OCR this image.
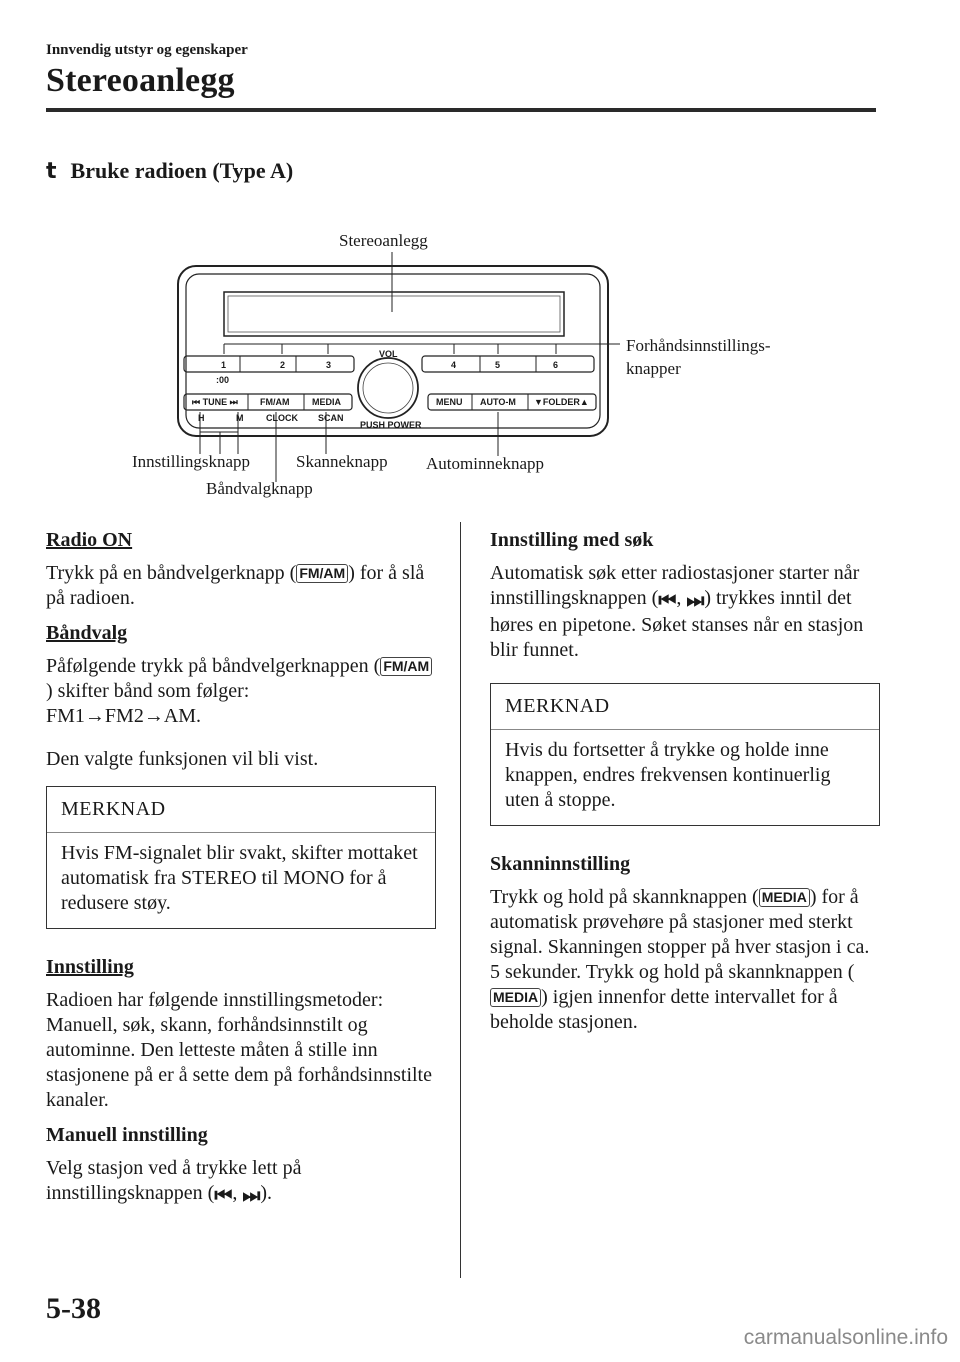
Innvendig utstyr og egenskaper
Stereoanlegg
t Bruke radioen (Type A)
1	2	3
:00
4	5	6
VOL
PUSH POWER
⏮ TUNE ⏭ FM/AM	MEDIA
H	M	CLOCK SCAN
MENU AUTO-M ▼FOLDER▲
Stereoanlegg
Forhåndsinnstillings-
knapper
Innstillingsknapp	Skanneknapp Autominneknapp
Båndvalgknapp
Radio ON

Trykk på en båndvelgerknapp ( FM/AM ) for å slå på radioen.

Båndvalg

Påfølgende trykk på båndvelgerknappen ( FM/AM) skifter bånd som følger:
FM1→FM2→AM.

Den valgte funksjonen vil bli vist.

MERKNAD
Hvis FM-signalet blir svakt, skifter mottaket automatisk fra STEREO til MONO for å redusere støy.
Innstilling

Radioen har følgende innstillingsmetoder: Manuell, søk, skann, forhåndsinnstilt og autominne. Den letteste måten å stille inn stasjonene på er å sette dem på forhåndsinnstilte kanaler.

Manuell innstilling

Velg stasjon ved å trykke lett på innstillingsknappen (⏮, ⏭).

Innstilling med søk

Automatisk søk etter radiostasjoner starter når innstillingsknappen (⏮, ⏭) trykkes inntil det høres en pipetone. Søket stanses når en stasjon blir funnet.

MERKNAD
Hvis du fortsetter å trykke og holde inne knappen, endres frekvensen kontinuerlig uten å stoppe.
Skanninnstilling

Trykk og hold på skannknappen ( MEDIA ) for å automatisk prøvehøre på stasjoner med sterkt signal. Skanningen stopper på hver stasjon i ca. 5 sekunder. Trykk og hold på skannknappen (MEDIA ) igjen innenfor dette intervallet for å beholde stasjonen.

5-38
carmanualsonline.info
